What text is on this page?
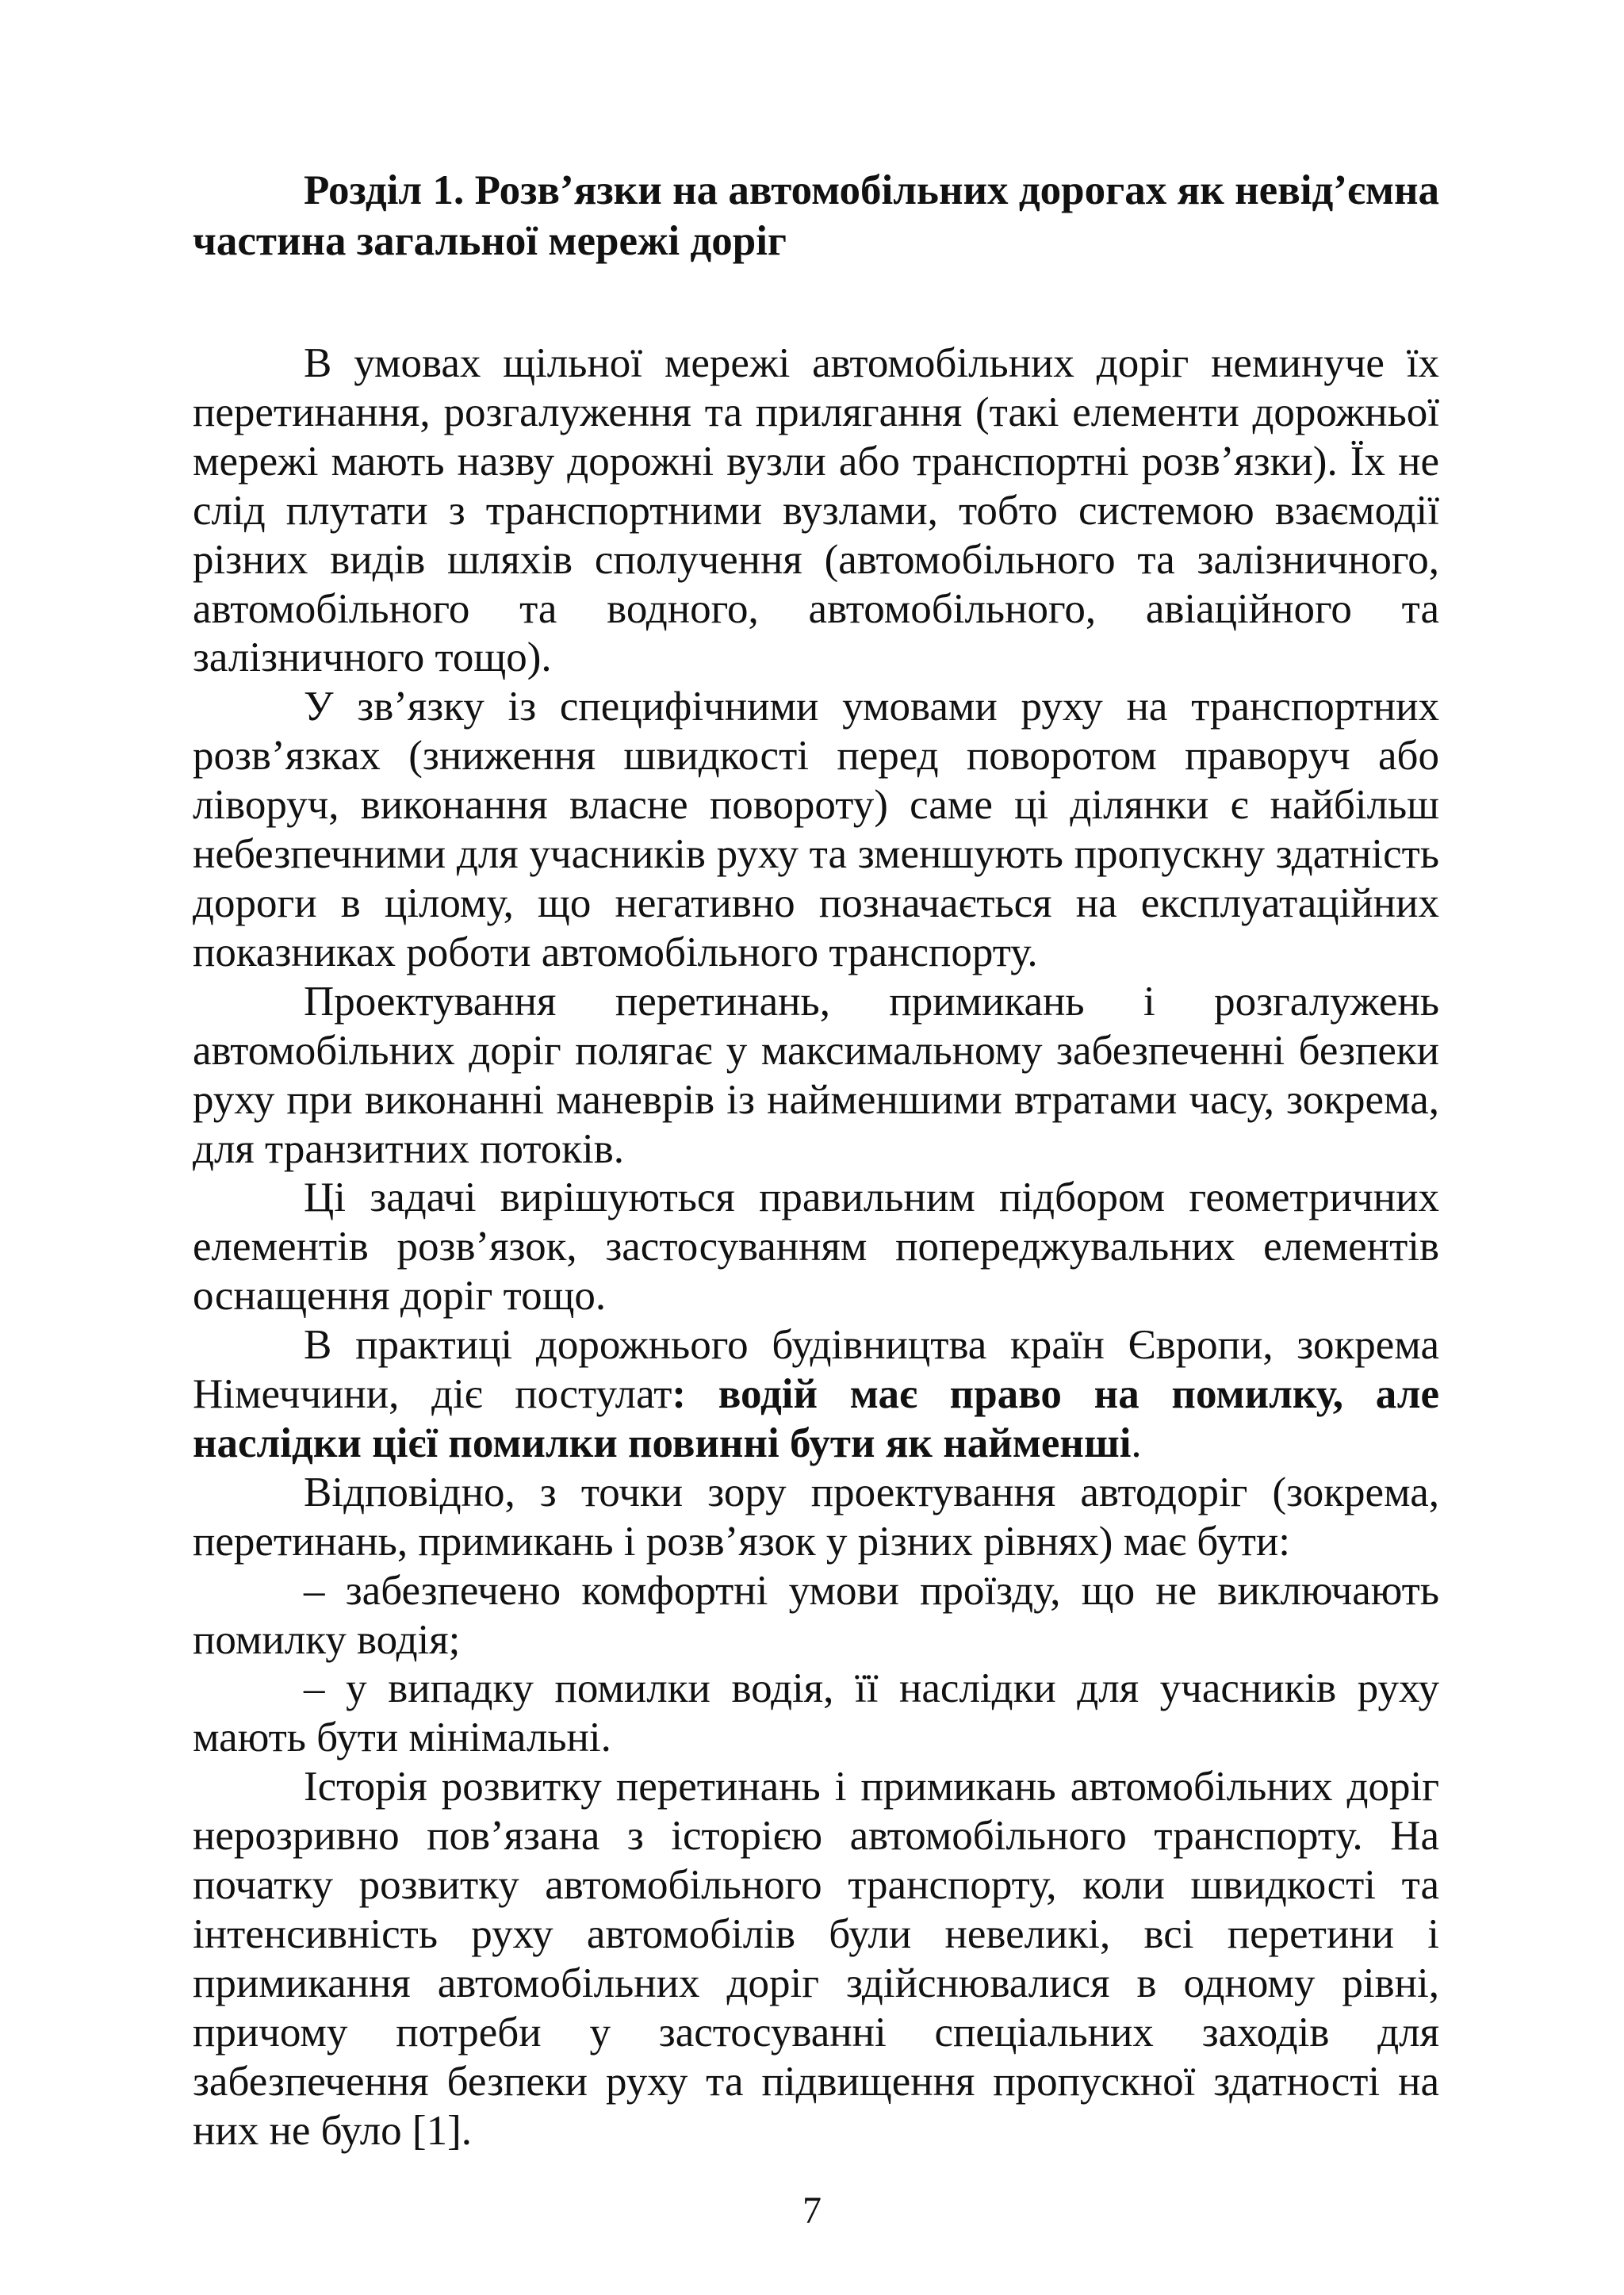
Розділ 1. Розв’язки на автомобільних дорогах як невід’ємна частина загальної мережі доріг

В умовах щільної мережі автомобільних доріг неминуче їх перетинання, розгалуження та прилягання (такі елементи дорожньої мережі мають назву дорожні вузли або транспортні розв’язки). Їх не слід плутати з транспортними вузлами, тобто системою взаємодії різних видів шляхів сполучення (автомобільного та залізничного, автомобільного та водного, автомобільного, авіаційного та залізничного тощо).

У зв’язку із специфічними умовами руху на транспортних розв’язках (зниження швидкості перед поворотом праворуч або ліворуч, виконання власне повороту) саме ці ділянки є найбільш небезпечними для учасників руху та зменшують пропускну здатність дороги в цілому, що негативно позначається на експлуатаційних показниках роботи автомобільного транспорту.

Проектування перетинань, примикань і розгалужень автомобільних доріг полягає у максимальному забезпеченні безпеки руху при виконанні маневрів із найменшими втратами часу, зокрема, для транзитних потоків.

Ці задачі вирішуються правильним підбором геометричних елементів розв’язок, застосуванням попереджувальних елементів оснащення доріг тощо.

В практиці дорожнього будівництва країн Європи, зокрема Німеччини, діє постулат: водій має право на помилку, але наслідки цієї помилки повинні бути як найменші.

Відповідно, з точки зору проектування автодоріг (зокрема, перетинань, примикань і розв’язок у різних рівнях) має бути:

– забезпечено комфортні умови проїзду, що не виключають помилку водія;

– у випадку помилки водія, її наслідки для учасників руху мають бути мінімальні.

Історія розвитку перетинань і примикань автомобільних доріг нерозривно пов’язана з історією автомобільного транспорту. На початку розвитку автомобільного транспорту, коли швидкості та інтенсивність руху автомобілів були невеликі, всі перетини і примикання автомобільних доріг здійснювалися в одному рівні, причому потреби у застосуванні спеціальних заходів для забезпечення безпеки руху та підвищення пропускної здатності на них не було [1].

7
